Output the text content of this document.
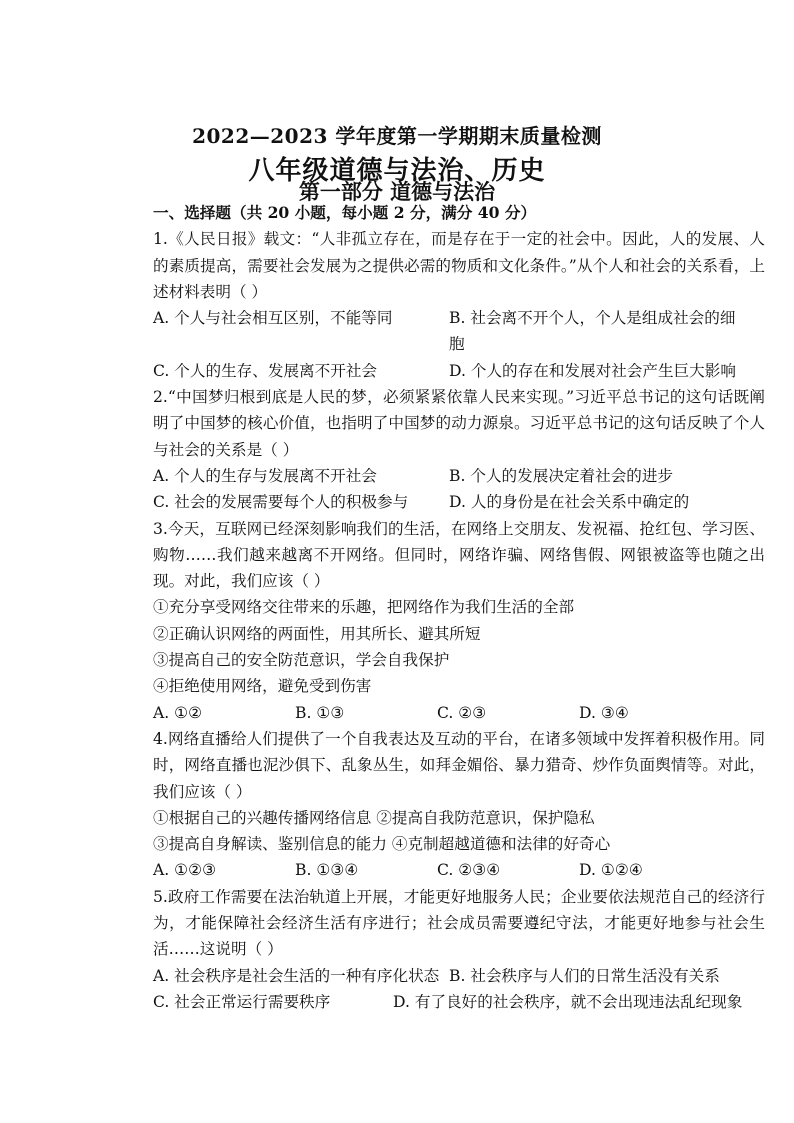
2022—2023 学年度第一学期期末质量检测
八年级道德与法治、历史
第一部分 道德与法治
一、选择题（共 20 小题，每小题 2 分，满分 40 分）
1.《人民日报》载文：“人非孤立存在，而是存在于一定的社会中。因此，人的发展、人的素质提高，需要社会发展为之提供必需的物质和文化条件。”从个人和社会的关系看，上述材料表明（ ）
A. 个人与社会相互区别，不能等同	B. 社会离不开个人，个人是组成社会的细胞
C. 个人的生存、发展离不开社会	D. 个人的存在和发展对社会产生巨大影响
2.“中国梦归根到底是人民的梦，必须紧紧依靠人民来实现。”习近平总书记的这句话既阐明了中国梦的核心价值，也指明了中国梦的动力源泉。习近平总书记的这句话反映了个人与社会的关系是（ ）
A. 个人的生存与发展离不开社会	B. 个人的发展决定着社会的进步
C. 社会的发展需要每个人的积极参与	D. 人的身份是在社会关系中确定的
3.今天，互联网已经深刻影响我们的生活，在网络上交朋友、发祝福、抢红包、学习医、购物……我们越来越离不开网络。但同时，网络诈骗、网络售假、网银被盗等也随之出现。对此，我们应该（ ）
①充分享受网络交往带来的乐趣，把网络作为我们生活的全部
②正确认识网络的两面性，用其所长、避其所短
③提高自己的安全防范意识，学会自我保护
④拒绝使用网络，避免受到伤害
A. ①②	B. ①③	C. ②③	D. ③④
4.网络直播给人们提供了一个自我表达及互动的平台，在诸多领域中发挥着积极作用。同时，网络直播也泥沙俱下、乱象丛生，如拜金媚俗、暴力猎奇、炒作负面舆情等。对此，我们应该（ ）
①根据自己的兴趣传播网络信息 ②提高自我防范意识，保护隐私
③提高自身解读、鉴别信息的能力 ④克制超越道德和法律的好奇心
A. ①②③	B. ①③④	C. ②③④	D. ①②④
5.政府工作需要在法治轨道上开展，才能更好地服务人民；企业要依法规范自己的经济行为，才能保障社会经济生活有序进行；社会成员需要遵纪守法，才能更好地参与社会生活……这说明（ ）
A. 社会秩序是社会生活的一种有序化状态 B. 社会秩序与人们的日常生活没有关系
C. 社会正常运行需要秩序	D. 有了良好的社会秩序，就不会出现违法乱纪现象
